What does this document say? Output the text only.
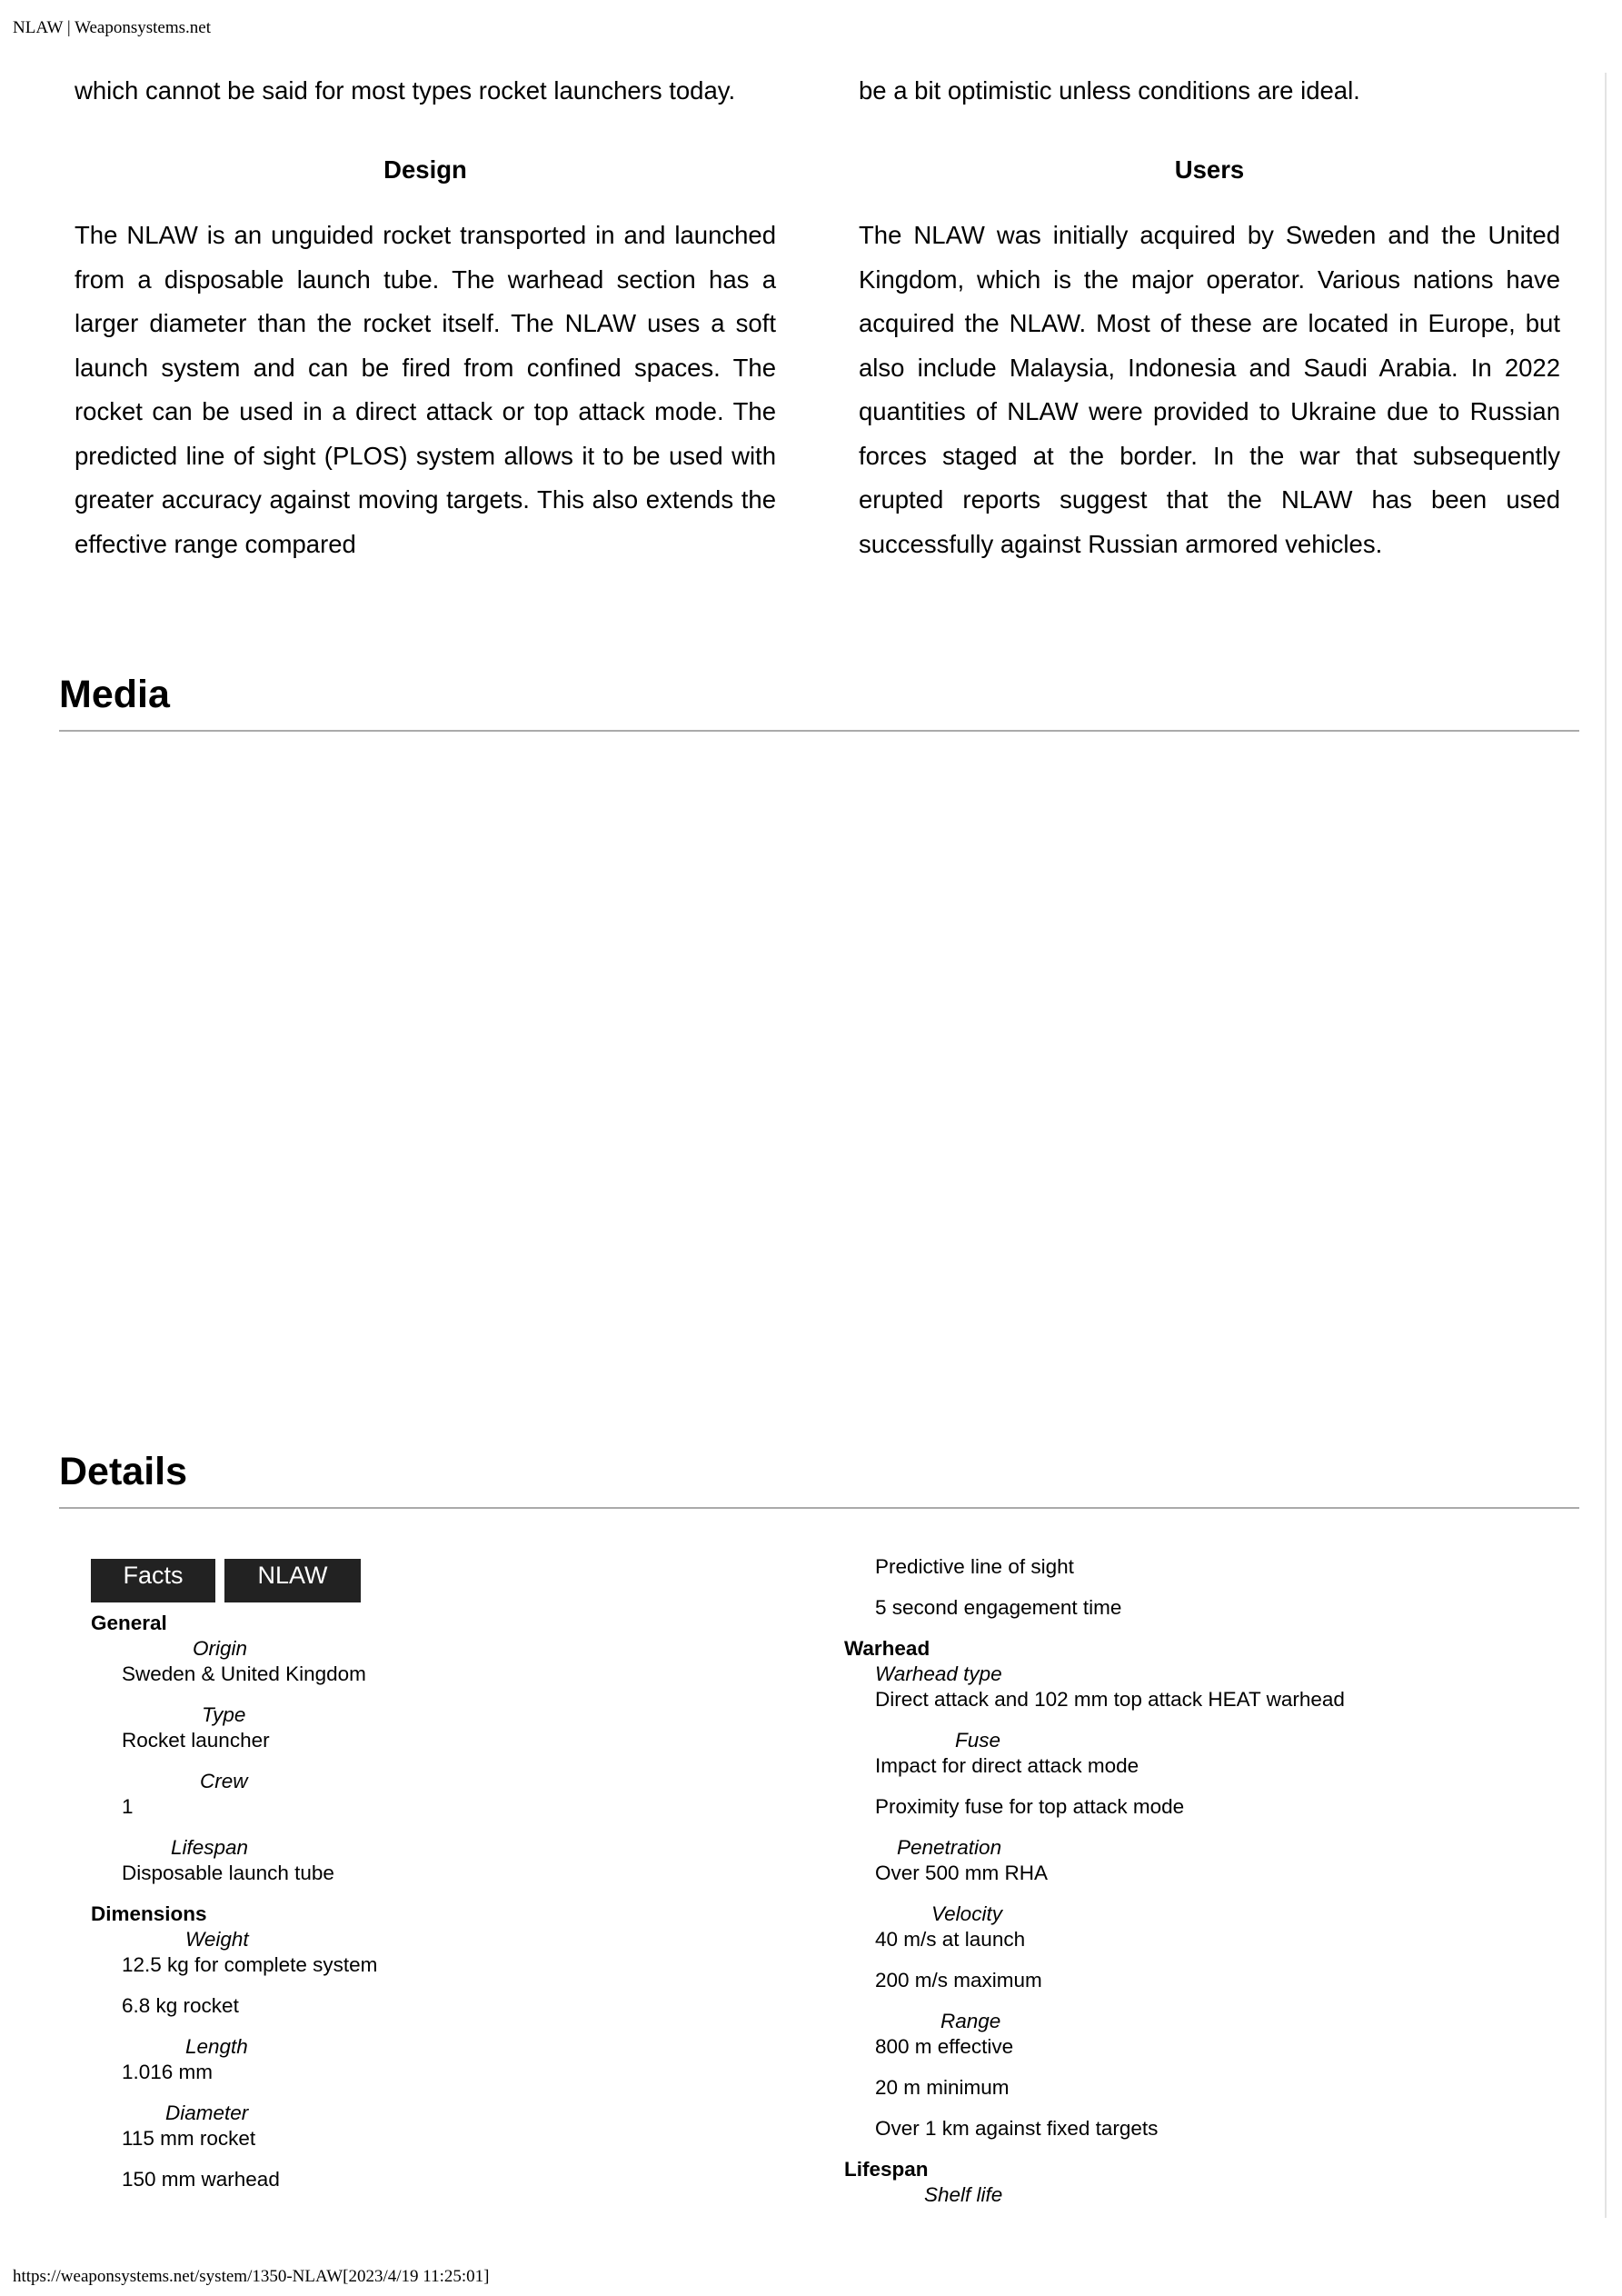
NLAW | Weaponsystems.net

which cannot be said for most types rocket launchers today.

Design

The NLAW is an unguided rocket transported in and launched from a disposable launch tube. The warhead section has a larger diameter than the rocket itself. The NLAW uses a soft launch system and can be fired from confined spaces. The rocket can be used in a direct attack or top attack mode. The predicted line of sight (PLOS) system allows it to be used with greater accuracy against moving targets. This also extends the effective range compared

be a bit optimistic unless conditions are ideal.

Users

The NLAW was initially acquired by Sweden and the United Kingdom, which is the major operator. Various nations have acquired the NLAW. Most of these are located in Europe, but also include Malaysia, Indonesia and Saudi Arabia. In 2022 quantities of NLAW were provided to Ukraine due to Russian forces staged at the border. In the war that subsequently erupted reports suggest that the NLAW has been used successfully against Russian armored vehicles.

Media
Details
Facts	NLAW
General
Origin
Sweden & United Kingdom
Type
Rocket launcher
Crew
1
Lifespan
Disposable launch tube
Dimensions
Weight
12.5 kg for complete system
6.8 kg rocket
Length
1.016 mm
Diameter
115 mm rocket
150 mm warhead
Predictive line of sight
5 second engagement time
Warhead
Warhead type
Direct attack and 102 mm top attack HEAT warhead
Fuse
Impact for direct attack mode
Proximity fuse for top attack mode
Penetration
Over 500 mm RHA
Velocity
40 m/s at launch
200 m/s maximum
Range
800 m effective
20 m minimum
Over 1 km against fixed targets
Lifespan
Shelf life
https://weaponsystems.net/system/1350-NLAW[2023/4/19 11:25:01]
